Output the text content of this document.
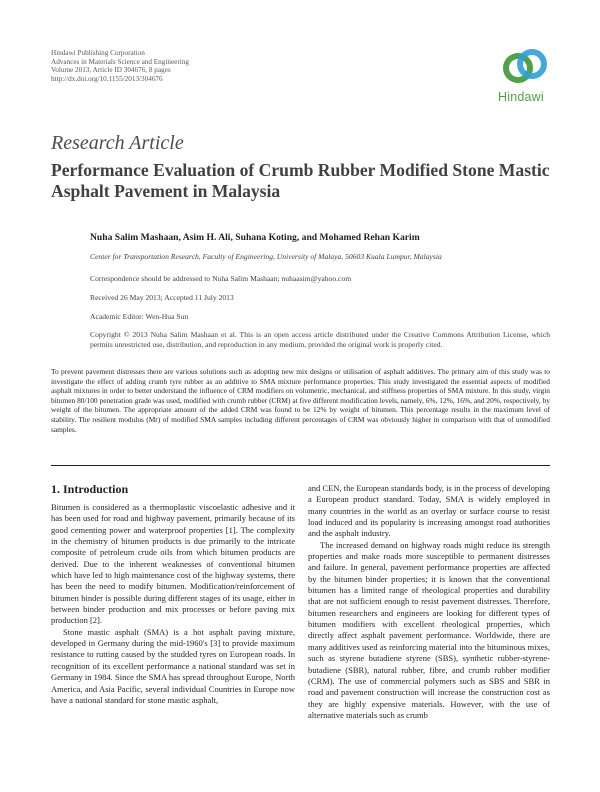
Hindawi Publishing Corporation
Advances in Materials Science and Engineering
Volume 2013, Article ID 304676, 8 pages
http://dx.doi.org/10.1155/2013/304676
Hindawi
Research Article
Performance Evaluation of Crumb Rubber Modified Stone Mastic Asphalt Pavement in Malaysia
Nuha Salim Mashaan, Asim H. Ali, Suhana Koting, and Mohamed Rehan Karim
Center for Transportation Research, Faculty of Engineering, University of Malaya, 50603 Kuala Lumpur, Malaysia
Correspondence should be addressed to Nuha Salim Mashaan; nuhaasim@yahoo.com
Received 26 May 2013; Accepted 11 July 2013
Academic Editor: Wen-Hua Sun
Copyright © 2013 Nuha Salim Mashaan et al. This is an open access article distributed under the Creative Commons Attribution License, which permits unrestricted use, distribution, and reproduction in any medium, provided the original work is properly cited.
To prevent pavement distresses there are various solutions such as adopting new mix designs or utilisation of asphalt additives. The primary aim of this study was to investigate the effect of adding crumb tyre rubber as an additive to SMA mixture performance properties. This study investigated the essential aspects of modified asphalt mixtures in order to better understand the influence of CRM modifiers on volumetric, mechanical, and stiffness properties of SMA mixture. In this study, virgin bitumen 80/100 penetration grade was used, modified with crumb rubber (CRM) at five different modification levels, namely, 6%, 12%, 16%, and 20%, respectively, by weight of the bitumen. The appropriate amount of the added CRM was found to be 12% by weight of bitumen. This percentage results in the maximum level of stability. The resilient modulus (Mr) of modified SMA samples including different percentages of CRM was obviously higher in comparison with that of unmodified samples.
1. Introduction

Bitumen is considered as a thermoplastic viscoelastic adhesive and it has been used for road and highway pavement, primarily because of its good cementing power and waterproof properties [1]. The complexity in the chemistry of bitumen products is due primarily to the intricate composite of petroleum crude oils from which bitumen products are derived. Due to the inherent weaknesses of conventional bitumen which have led to high maintenance cost of the highway systems, there has been the need to modify bitumen. Modification/reinforcement of bitumen binder is possible during different stages of its usage, either in between binder production and mix processes or before paving mix production [2].

Stone mastic asphalt (SMA) is a hot asphalt paving mixture, developed in Germany during the mid-1960's [3] to provide maximum resistance to rutting caused by the studded tyres on European roads. In recognition of its excellent performance a national standard was set in Germany in 1984. Since the SMA has spread throughout Europe, North America, and Asia Pacific, several individual Countries in Europe now have a national standard for stone mastic asphalt,

and CEN, the European standards body, is in the process of developing a European product standard. Today, SMA is widely employed in many countries in the world as an overlay or surface course to resist load induced and its popularity is increasing amongst road authorities and the asphalt industry.

The increased demand on highway roads might reduce its strength properties and make roads more susceptible to permanent distresses and failure. In general, pavement performance properties are affected by the bitumen binder properties; it is known that the conventional bitumen has a limited range of rheological properties and durability that are not sufficient enough to resist pavement distresses. Therefore, bitumen researchers and engineers are looking for different types of bitumen modifiers with excellent rheological properties, which directly affect asphalt pavement performance. Worldwide, there are many additives used as reinforcing material into the bituminous mixes, such as styrene butadiene styrene (SBS), synthetic rubber-styrene-butadiene (SBR), natural rubber, fibre, and crumb rubber modifier (CRM). The use of commercial polymers such as SBS and SBR in road and pavement construction will increase the construction cost as they are highly expensive materials. However, with the use of alternative materials such as crumb
